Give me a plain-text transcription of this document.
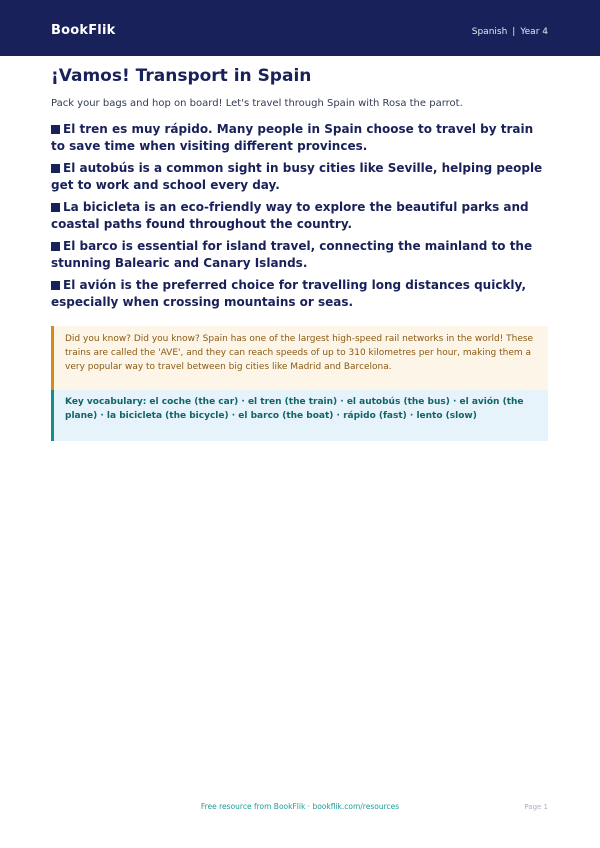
BookFlik	Spanish | Year 4
¡Vamos! Transport in Spain
Pack your bags and hop on board! Let's travel through Spain with Rosa the parrot.
El tren es muy rápido. Many people in Spain choose to travel by train to save time when visiting different provinces.
El autobús is a common sight in busy cities like Seville, helping people get to work and school every day.
La bicicleta is an eco-friendly way to explore the beautiful parks and coastal paths found throughout the country.
El barco is essential for island travel, connecting the mainland to the stunning Balearic and Canary Islands.
El avión is the preferred choice for travelling long distances quickly, especially when crossing mountains or seas.
Did you know? Did you know? Spain has one of the largest high-speed rail networks in the world! These trains are called the 'AVE', and they can reach speeds of up to 310 kilometres per hour, making them a very popular way to travel between big cities like Madrid and Barcelona.
Key vocabulary: el coche (the car) · el tren (the train) · el autobús (the bus) · el avión (the plane) · la bicicleta (the bicycle) · el barco (the boat) · rápido (fast) · lento (slow)
Free resource from BookFlik · bookflik.com/resources	Page 1
